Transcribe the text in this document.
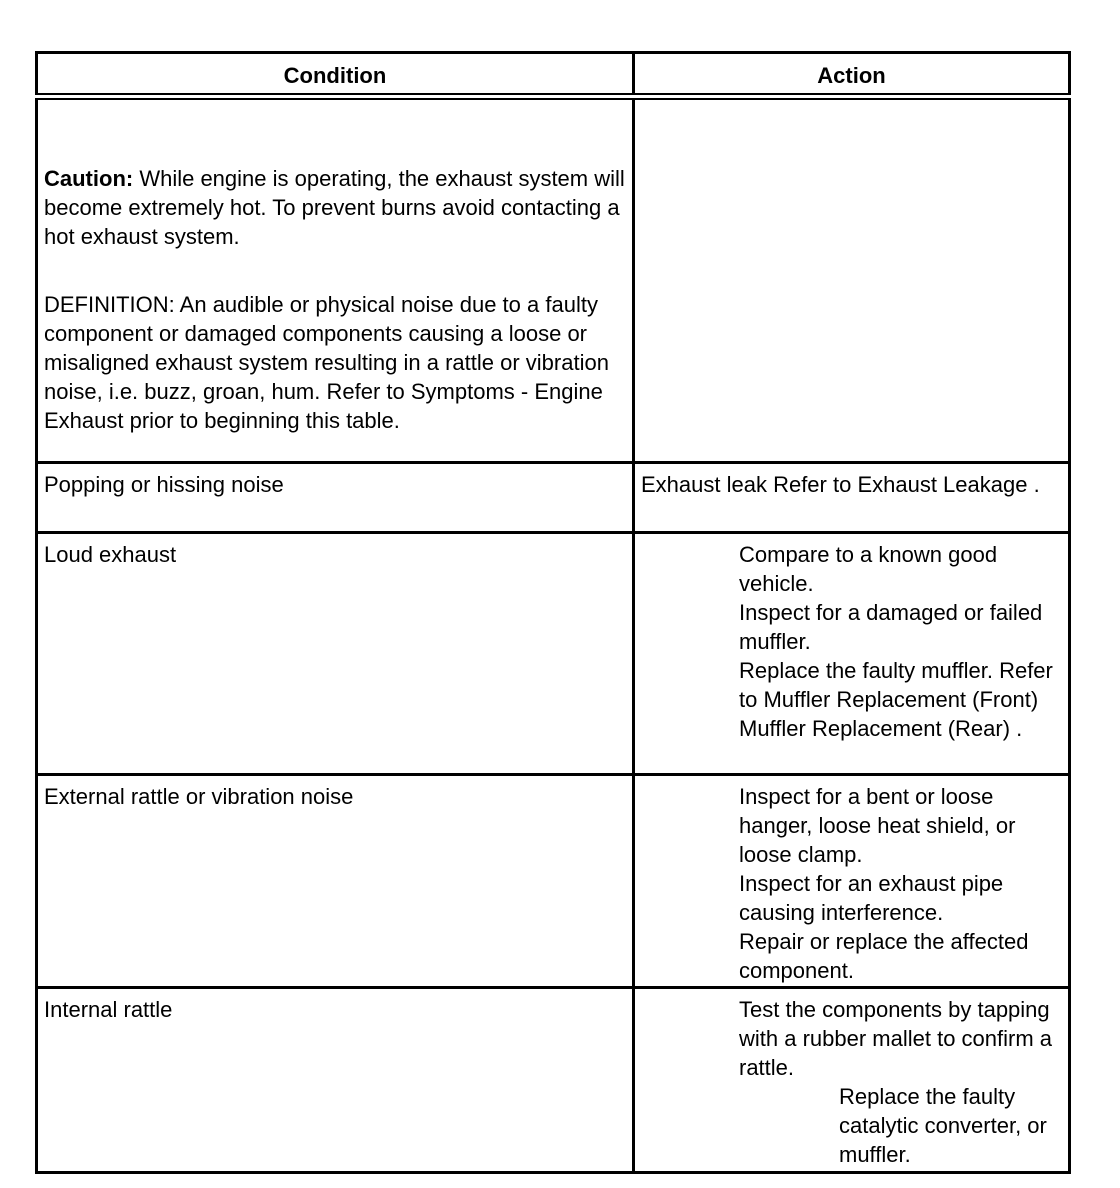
Condition	Action

Caution: While engine is operating, the exhaust system will become extremely hot. To prevent burns avoid contacting a hot exhaust system.
DEFINITION: An audible or physical noise due to a faulty component or damaged components causing a loose or misaligned exhaust system resulting in a rattle or vibration noise, i.e. buzz, groan, hum. Refer to Symptoms - Engine Exhaust prior to beginning this table.	

Popping or hissing noise	Exhaust leak Refer to Exhaust Leakage .
Loud exhaust	Compare to a known good vehicle.
Inspect for a damaged or failed muffler.
Replace the faulty muffler. Refer to Muffler Replacement (Front) Muffler Replacement (Rear) .

External rattle or vibration noise	Inspect for a bent or loose hanger, loose heat shield, or loose clamp.
Inspect for an exhaust pipe causing interference.
Repair or replace the affected component.

Internal rattle	Test the components by tapping with a rubber mallet to confirm a rattle.
Replace the faulty catalytic converter, or muffler.
